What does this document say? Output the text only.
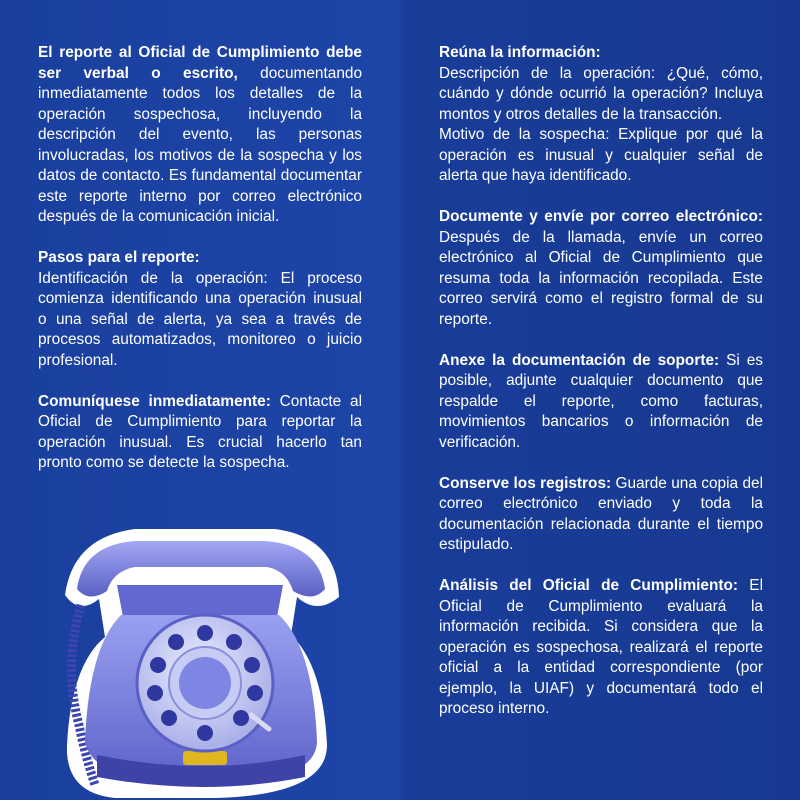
El reporte al Oficial de Cumplimiento debe ser verbal o escrito, documentando inmediatamente todos los detalles de la operación sospechosa, incluyendo la descripción del evento, las personas involucradas, los motivos de la sospecha y los datos de contacto. Es fundamental documentar este reporte interno por correo electrónico después de la comunicación inicial.

Pasos para el reporte:

Identificación de la operación: El proceso comienza identificando una operación inusual o una señal de alerta, ya sea a través de procesos automatizados, monitoreo o juicio profesional.

Comuníquese inmediatamente: Contacte al Oficial de Cumplimiento para reportar la operación inusual. Es crucial hacerlo tan pronto como se detecte la sospecha.

Reúna la información:

Descripción de la operación: ¿Qué, cómo, cuándo y dónde ocurrió la operación? Incluya montos y otros detalles de la transacción.

Motivo de la sospecha: Explique por qué la operación es inusual y cualquier señal de alerta que haya identificado.

Documente y envíe por correo electrónico: Después de la llamada, envíe un correo electrónico al Oficial de Cumplimiento que resuma toda la información recopilada. Este correo servirá como el registro formal de su reporte.

Anexe la documentación de soporte: Si es posible, adjunte cualquier documento que respalde el reporte, como facturas, movimientos bancarios o información de verificación.

Conserve los registros: Guarde una copia del correo electrónico enviado y toda la documentación relacionada durante el tiempo estipulado.

Análisis del Oficial de Cumplimiento: El Oficial de Cumplimiento evaluará la información recibida. Si considera que la operación es sospechosa, realizará el reporte oficial a la entidad correspondiente (por ejemplo, la UIAF) y documentará todo el proceso interno.
